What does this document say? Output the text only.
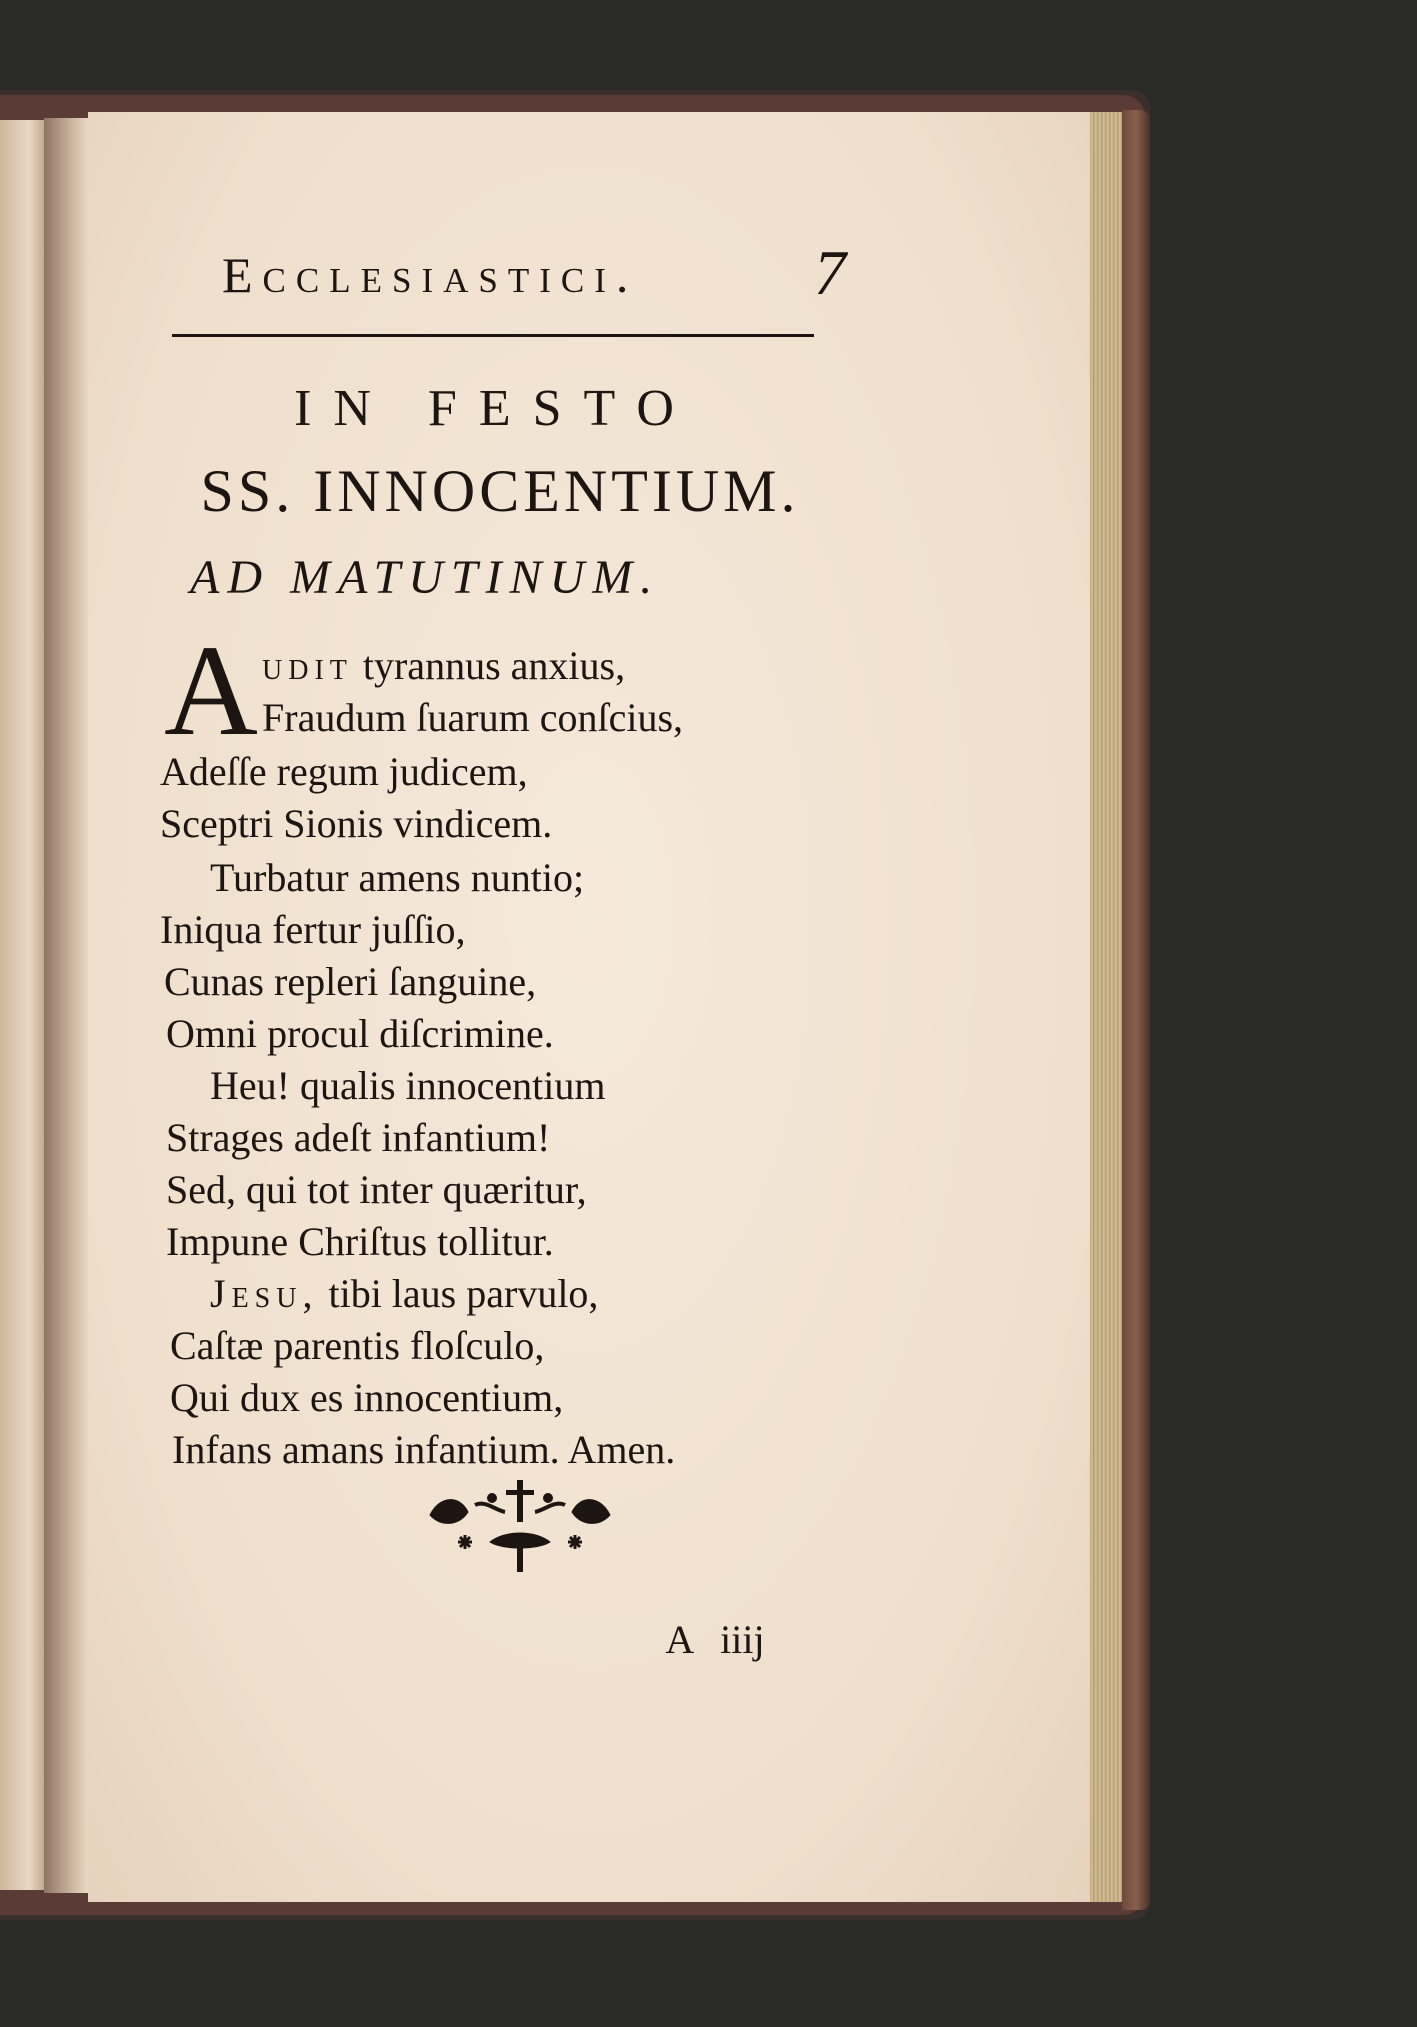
Ecclesiastici.	7
IN FESTO
SS. INNOCENTIUM.
AD MATUTINUM.
A udit tyrannus anxius,
Fraudum ſuarum conſcius,
Adeſſe regum judicem,
Sceptri Sionis vindicem.
Turbatur amens nuntio;
Iniqua fertur juſſio,
Cunas repleri ſanguine,
Omni procul diſcrimine.
Heu! qualis innocentium
Strages adeſt infantium!
Sed, qui tot inter quæritur,
Impune Chriſtus tollitur.
Jesu, tibi laus parvulo,
Caſtæ parentis floſculo,
Qui dux es innocentium,
Infans amans infantium. Amen.
A iiij
